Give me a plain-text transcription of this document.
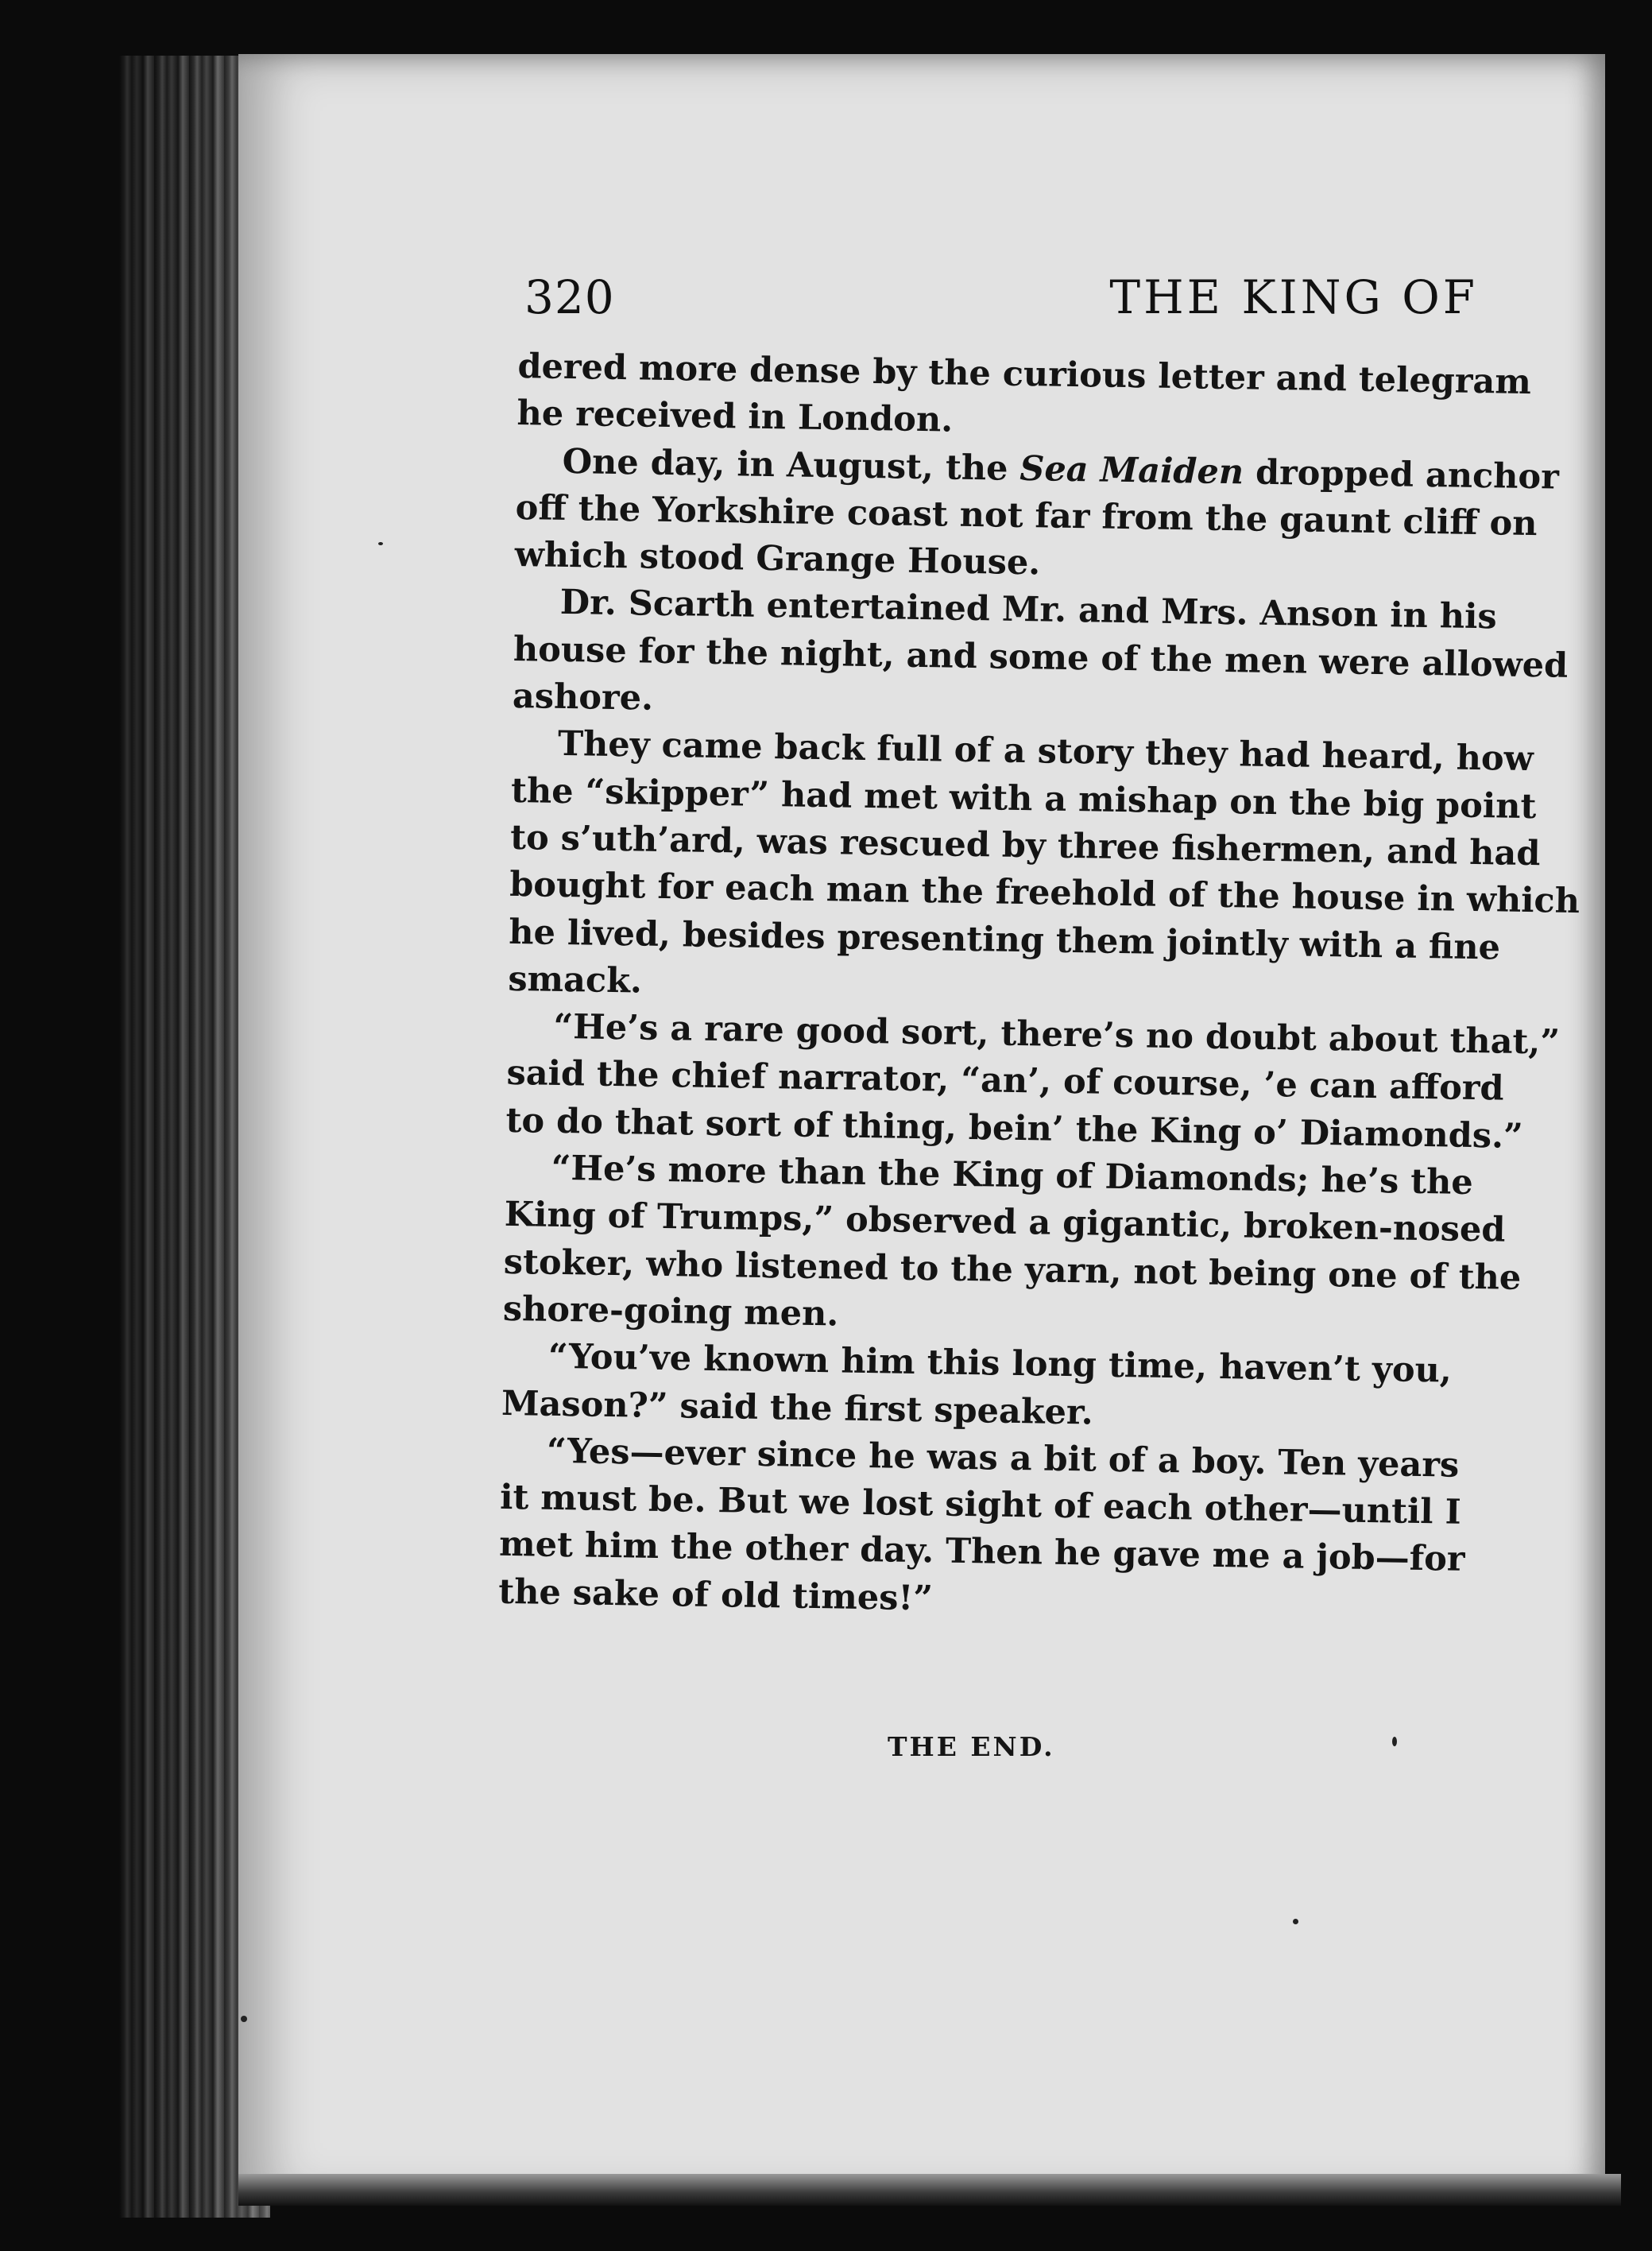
320	THE KING OF
dered more dense by the curious letter and telegram
he received in London.
One day, in August, the Sea Maiden dropped anchor
off the Yorkshire coast not far from the gaunt cliff on
which stood Grange House.
Dr. Scarth entertained Mr. and Mrs. Anson in his
house for the night, and some of the men were allowed
ashore.
They came back full of a story they had heard, how
the “skipper” had met with a mishap on the big point
to s’uth’ard, was rescued by three fishermen, and had
bought for each man the freehold of the house in which
he lived, besides presenting them jointly with a fine
smack.
“He’s a rare good sort, there’s no doubt about that,”
said the chief narrator, “an’, of course, ’e can afford
to do that sort of thing, bein’ the King o’ Diamonds.”
“He’s more than the King of Diamonds; he’s the
King of Trumps,” observed a gigantic, broken-nosed
stoker, who listened to the yarn, not being one of the
shore-going men.
“You’ve known him this long time, haven’t you,
Mason?” said the first speaker.
“Yes—ever since he was a bit of a boy. Ten years
it must be. But we lost sight of each other—until I
met him the other day. Then he gave me a job—for
the sake of old times!”
THE END.
